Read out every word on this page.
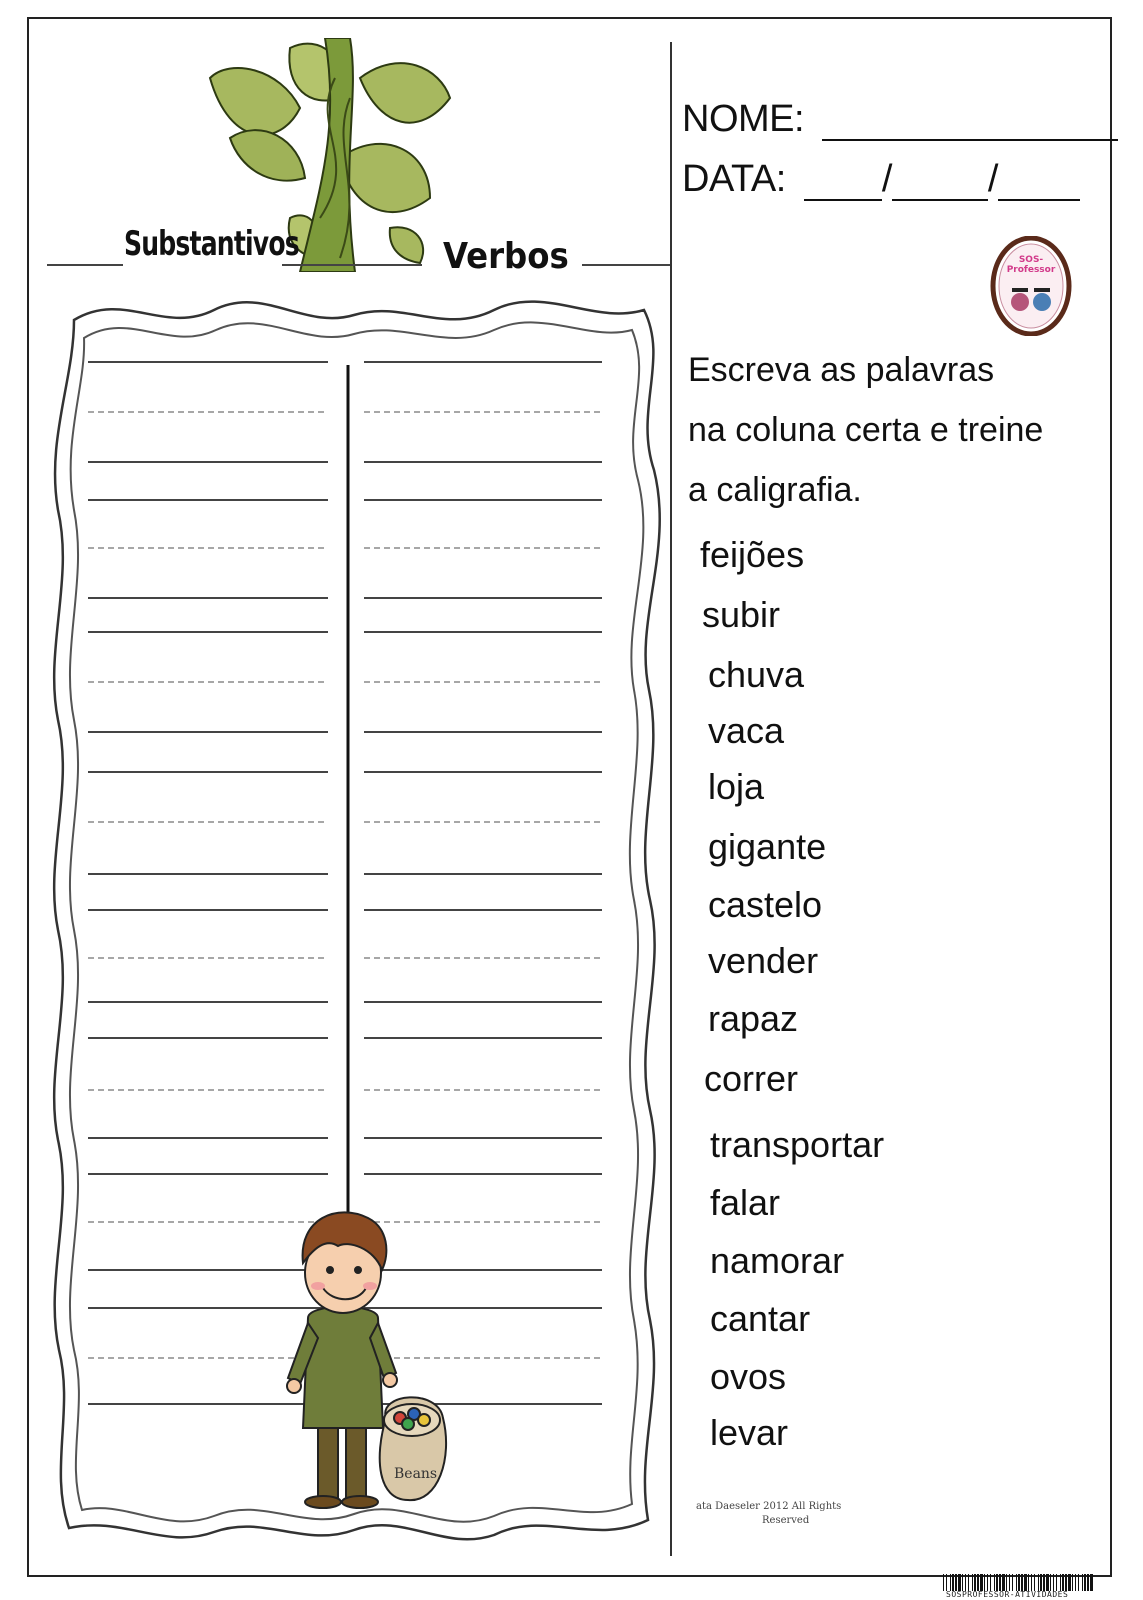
Substantivos	Verbos
Beans
NOME:
DATA:	/	/
SOS-Professor
Escreva as palavras
na coluna certa e treine
a caligrafia.
feijões
subir
chuva
vaca
loja
gigante
castelo
vender
rapaz
correr
transportar
falar
namorar
cantar
ovos
levar
ata Daeseler 2012 All Rights
Reserved
SOSPROFESSOR-ATIVIDADES
